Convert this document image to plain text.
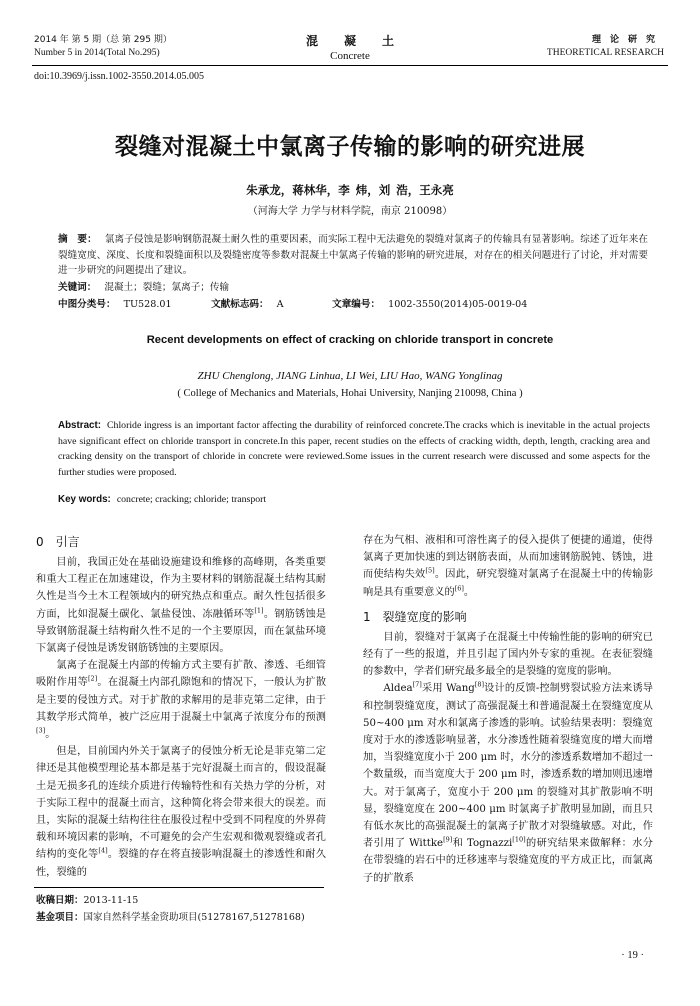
2014 年 第 5 期（总 第 295 期）
Number 5 in 2014(Total No.295)
混凝土
Concrete
理论研究
THEORETICAL RESEARCH
doi:10.3969/j.issn.1002-3550.2014.05.005
裂缝对混凝土中氯离子传输的影响的研究进展
朱承龙，蒋林华，李 炜，刘 浩，王永亮
（河海大学 力学与材料学院，南京 210098）
摘　要： 氯离子侵蚀是影响钢筋混凝土耐久性的重要因素，而实际工程中无法避免的裂缝对氯离子的传输具有显著影响。综述了近年来在裂缝宽度、深度、长度和裂缝面积以及裂缝密度等参数对混凝土中氯离子传输的影响的研究进展，对存在的相关问题进行了讨论，并对需要进一步研究的问题提出了建议。
关键词： 混凝土；裂缝；氯离子；传输
中图分类号： TU528.01	文献标志码： A	文章编号： 1002-3550(2014)05-0019-04
Recent developments on effect of cracking on chloride transport in concrete
ZHU Chenglong, JIANG Linhua, LI Wei, LIU Hao, WANG Yonglinag
( College of Mechanics and Materials, Hohai University, Nanjing 210098, China )
Abstract: Chloride ingress is an important factor affecting the durability of reinforced concrete.The cracks which is inevitable in the actual projects have significant effect on chloride transport in concrete.In this paper, recent studies on the effects of cracking width, depth, length, cracking area and cracking density on the transport of chloride in concrete were reviewed.Some issues in the current research were discussed and some aspects for the further studies were proposed.
Key words: concrete; cracking; chloride; transport
0 引言

目前，我国正处在基础设施建设和维修的高峰期，各类重要和重大工程正在加速建设，作为主要材料的钢筋混凝土结构其耐久性是当今土木工程领域内的研究热点和重点。耐久性包括很多方面，比如混凝土碳化、氯盐侵蚀、冻融循环等[1]。钢筋锈蚀是导致钢筋混凝土结构耐久性不足的一个主要原因，而在氯盐环境下氯离子侵蚀是诱发钢筋锈蚀的主要原因。

氯离子在混凝土内部的传输方式主要有扩散、渗透、毛细管吸附作用等[2]。在混凝土内部孔隙饱和的情况下，一般认为扩散是主要的侵蚀方式。对于扩散的求解用的是菲克第二定律，由于其数学形式简单，被广泛应用于混凝土中氯离子浓度分布的预测[3]。

但是，目前国内外关于氯离子的侵蚀分析无论是菲克第二定律还是其他模型理论基本都是基于完好混凝土而言的，假设混凝土是无损多孔的连续介质进行传输特性和有关热力学的分析，对于实际工程中的混凝土而言，这种简化将会带来很大的误差。而且，实际的混凝土结构往往在服役过程中受到不同程度的外界荷载和环境因素的影响，不可避免的会产生宏观和微观裂缝或者孔结构的变化等[4]。裂缝的存在将直接影响混凝土的渗透性和耐久性，裂缝的

存在为气相、液相和可溶性离子的侵入提供了便捷的通道，使得氯离子更加快速的到达钢筋表面，从而加速钢筋脱钝、锈蚀，进而使结构失效[5]。因此，研究裂缝对氯离子在混凝土中的传输影响是具有重要意义的[6]。

1 裂缝宽度的影响

目前，裂缝对于氯离子在混凝土中传输性能的影响的研究已经有了一些的报道，并且引起了国内外专家的重视。在表征裂缝的参数中，学者们研究最多最全的是裂缝的宽度的影响。

Aldea[7]采用 Wang[8]设计的反馈-控制劈裂试验方法来诱导和控制裂缝宽度，测试了高强混凝土和普通混凝土在裂缝宽度从 50~400 μm 对水和氯离子渗透的影响。试验结果表明：裂缝宽度对于水的渗透影响显著，水分渗透性随着裂缝宽度的增大而增加，当裂缝宽度小于 200 μm 时，水分的渗透系数增加不超过一个数量级，而当宽度大于 200 μm 时，渗透系数的增加则迅速增大。对于氯离子，宽度小于 200 μm 的裂缝对其扩散影响不明显，裂缝宽度在 200~400 μm 时氯离子扩散明显加剧，而且只有低水灰比的高强混凝土的氯离子扩散才对裂缝敏感。对此，作者引用了 Wittke[9]和 Tognazzi[10]的研究结果来做解释：水分在带裂缝的岩石中的迁移速率与裂缝宽度的平方成正比，而氯离子的扩散系

收稿日期：2013-11-15
基金项目：国家自然科学基金资助项目(51278167,51278168)
· 19 ·
